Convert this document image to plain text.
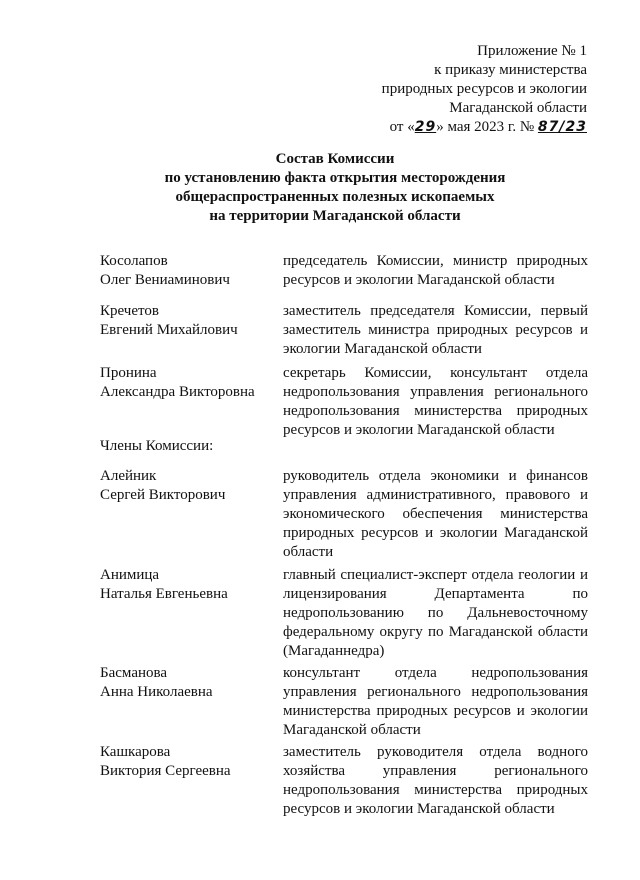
Приложение № 1
к приказу министерства
природных ресурсов и экологии
Магаданской области
от «29» мая 2023 г. № 87/23
Состав Комиссии
по установлению факта открытия месторождения
общераспространенных полезных ископаемых
на территории Магаданской области
Косолапов
Олег Вениаминович
председатель Комиссии, министр природных ресурсов и экологии Магаданской области
Кречетов
Евгений Михайлович
заместитель председателя Комиссии, первый заместитель министра природных ресурсов и экологии Магаданской области
Пронина
Александра Викторовна
секретарь Комиссии, консультант отдела недропользования управления регионального недропользования министерства природных ресурсов и экологии Магаданской области
Члены Комиссии:
Алейник
Сергей Викторович
руководитель отдела экономики и финансов управления административного, правового и экономического обеспечения министерства природных ресурсов и экологии Магаданской области
Анимица
Наталья Евгеньевна
главный специалист-эксперт отдела геологии и лицензирования Департамента по недропользованию по Дальневосточному федеральному округу по Магаданской области (Магаданнедра)
Басманова
Анна Николаевна
консультант отдела недропользования управления регионального недропользования министерства природных ресурсов и экологии Магаданской области
Кашкарова
Виктория Сергеевна
заместитель руководителя отдела водного хозяйства управления регионального недропользования министерства природных ресурсов и экологии Магаданской области
